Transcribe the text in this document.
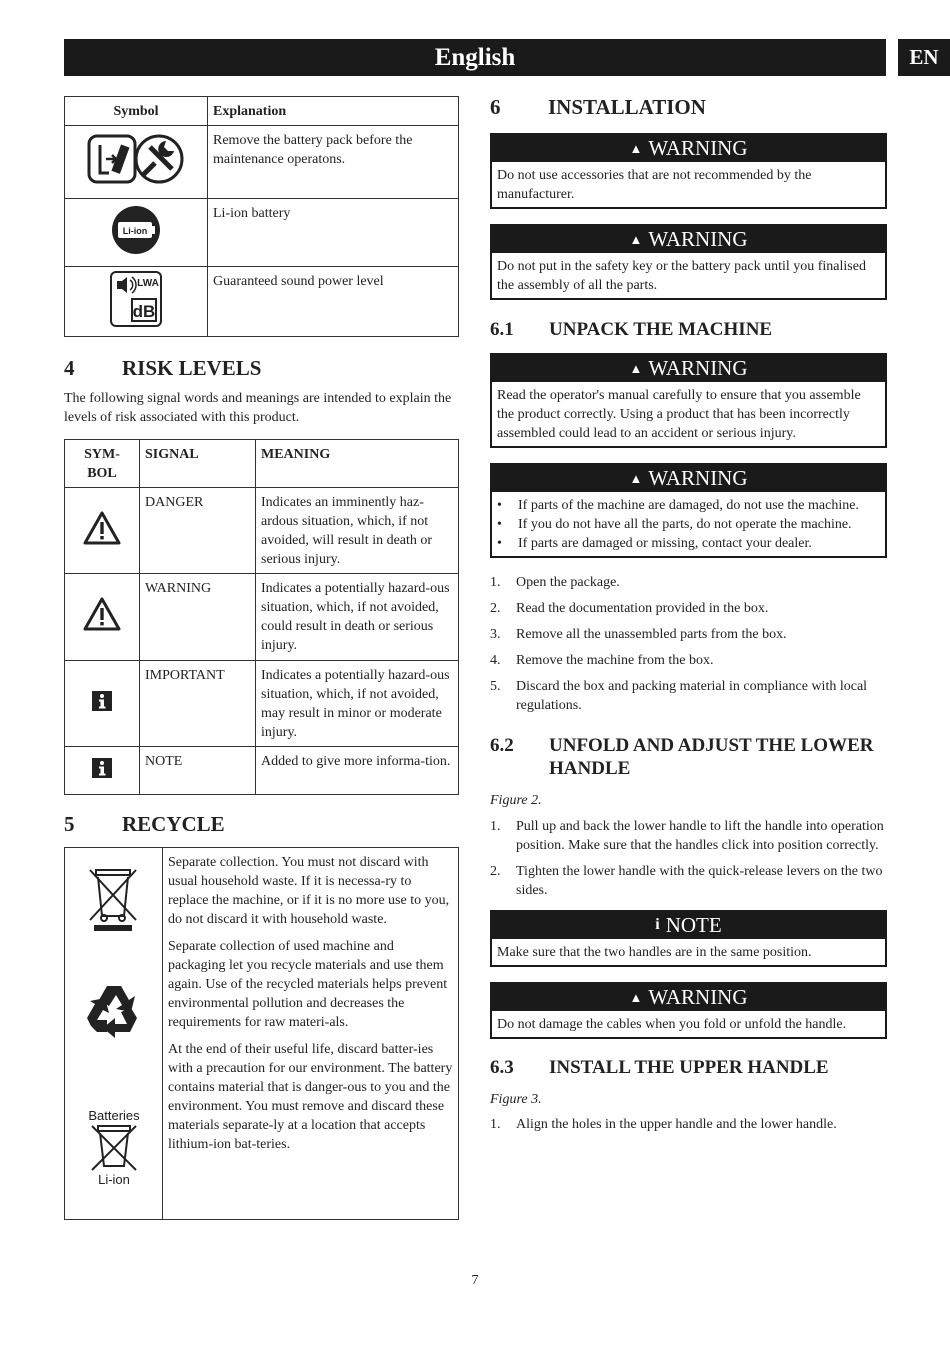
English	EN
Symbol	Explanation
	Remove the battery pack before the maintenance operatons.

Li-ion	Li-ion battery

LWA
dB	Guaranteed sound power level
4	RISK LEVELS

The following signal words and meanings are intended to explain the levels of risk associated with this product.

SYM-
BOL	SIGNAL	MEANING
	DANGER	Indicates an imminently haz-ardous situation, which, if not avoided, will result in death or serious injury.
	WARNING	Indicates a potentially hazard-ous situation, which, if not avoided, could result in death or serious injury.
	IMPORTANT	Indicates a potentially hazard-ous situation, which, if not avoided, may result in minor or moderate injury.
	NOTE	Added to give more informa-tion.
5	RECYCLE
Batteries
Li-ion

Separate collection. You must not discard with usual household waste. If it is necessa-ry to replace the machine, or if it is no more use to you, do not discard it with household waste.

Separate collection of used machine and packaging let you recycle materials and use them again. Use of the recycled materials helps prevent environmental pollution and decreases the requirements for raw materi-als.

At the end of their useful life, discard batter-ies with a precaution for our environment. The battery contains material that is danger-ous to you and the environment. You must remove and discard these materials separate-ly at a location that accepts lithium-ion bat-teries.

6	INSTALLATION
▲ WARNING
Do not use accessories that are not recommended by the manufacturer.
▲ WARNING
Do not put in the safety key or the battery pack until you finalised the assembly of all the parts.
6.1	UNPACK THE MACHINE
▲ WARNING
Read the operator's manual carefully to ensure that you assemble the product correctly. Using a product that has been incorrectly assembled could lead to an accident or serious injury.
▲ WARNING
•	If parts of the machine are damaged, do not use the machine.
•	If you do not have all the parts, do not operate the machine.
•	If parts are damaged or missing, contact your dealer.
1.	Open the package.
2.	Read the documentation provided in the box.
3.	Remove all the unassembled parts from the box.
4.	Remove the machine from the box.
5.	Discard the box and packing material in compliance with local regulations.
6.2	UNFOLD AND ADJUST THE LOWER HANDLE
Figure 2.
1.	Pull up and back the lower handle to lift the handle into operation position. Make sure that the handles click into position correctly.
2.	Tighten the lower handle with the quick-release levers on the two sides.
i NOTE
Make sure that the two handles are in the same position.
▲ WARNING
Do not damage the cables when you fold or unfold the handle.
6.3	INSTALL THE UPPER HANDLE
Figure 3.
1.	Align the holes in the upper handle and the lower handle.
7
